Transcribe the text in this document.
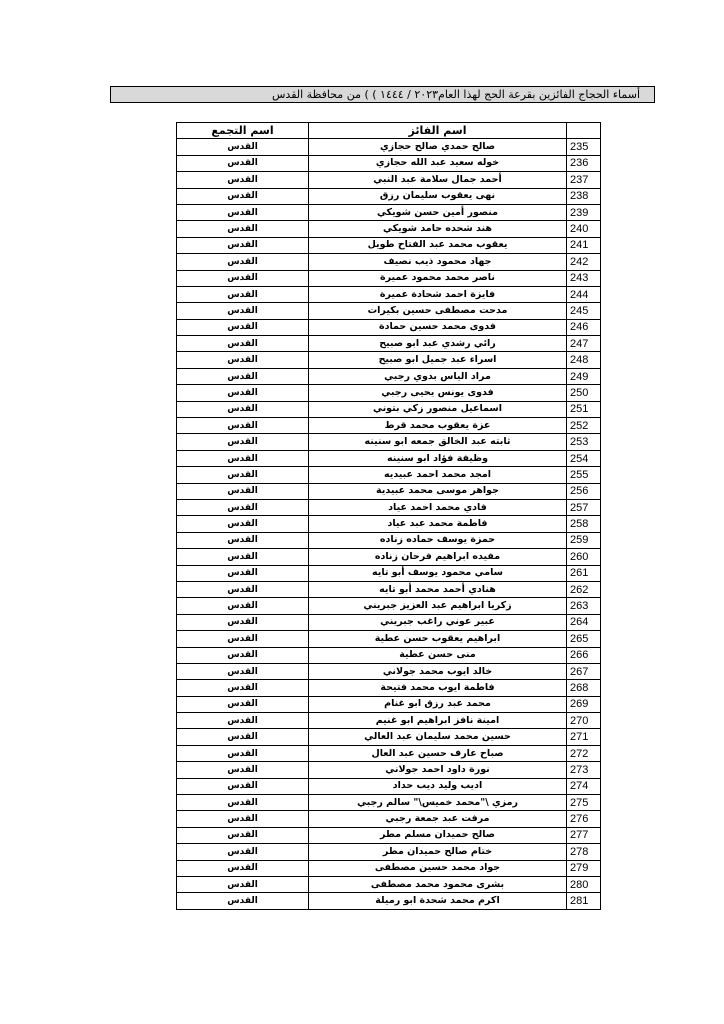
أسماء الحجاج الفائزين بقرعة الحج لهذا العام٢٠٢٣ / ١٤٤٤ ) ) من محافظة القدس
اسم التجمع	اسم الفائز	
القدس	صالح حمدي صالح حجازي	235
القدس	خوله سعيد عبد الله حجازي	236
القدس	أحمد جمال سلامة عبد النبي	237
القدس	نهى يعقوب سليمان رزق	238
القدس	منصور أمين حسن شويكي	239
القدس	هند شحده حامد شويكي	240
القدس	يعقوب محمد عبد الفتاح طويل	241
القدس	جهاد محمود ذيب نصيف	242
القدس	ناصر محمد محمود عميرة	243
القدس	فايزة احمد شحادة عميرة	244
القدس	مدحت مصطفى حسين بكيرات	245
القدس	فدوى محمد حسين حمادة	246
القدس	رائي رشدي عبد ابو صبيح	247
القدس	اسراء عبد جميل ابو صبيح	248
القدس	مراد الياس بدوي رجبي	249
القدس	فدوى يونس يحيى رجبي	250
القدس	اسماعيل منصور زكي بتوني	251
القدس	عزة يعقوب محمد قرط	252
القدس	ثابته عبد الخالق جمعه ابو سنينه	253
القدس	وظيفة فؤاد ابو سنينه	254
القدس	امجد محمد احمد عبيديه	255
القدس	جواهر موسى محمد عبيدية	256
القدس	فادي محمد احمد عياد	257
القدس	فاطمة محمد عبد عياد	258
القدس	حمزة يوسف حماده زناده	259
القدس	مفيده ابراهيم فرحان زناده	260
القدس	سامي محمود يوسف أبو تايه	261
القدس	هنادي أحمد محمد أبو تايه	262
القدس	زكريا ابراهيم عبد العزيز جبريني	263
القدس	عبير عوني راغب جبريني	264
القدس	ابراهيم يعقوب حسن عطية	265
القدس	منى حسن عطية	266
القدس	خالد ايوب محمد جولاني	267
القدس	فاطمة ايوب محمد فتيحة	268
القدس	محمد عبد رزق ابو غنام	269
القدس	امينة نافز ابراهيم ابو غنيم	270
القدس	حسين محمد سليمان عبد العالي	271
القدس	صباح عارف حسين عبد العال	272
القدس	نورة داود احمد جولاني	273
القدس	اديب وليد ديب حداد	274
القدس	رمزي \"محمد خميس\" سالم رجبي	275
القدس	مرفت عبد جمعة رجبي	276
القدس	صالح حميدان مسلم مطر	277
القدس	ختام صالح حميدان مطر	278
القدس	جواد محمد حسين مصطفى	279
القدس	بشرى محمود محمد مصطفى	280
القدس	اكرم محمد شحدة ابو رميلة	281
